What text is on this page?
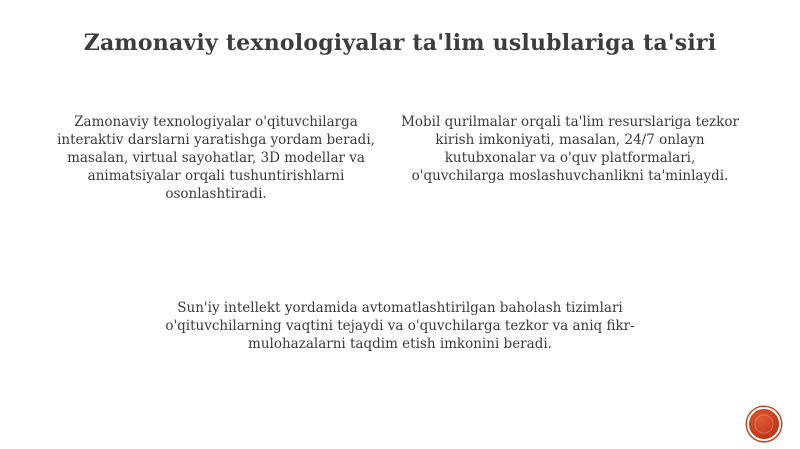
Zamonaviy texnologiyalar ta'lim uslublariga ta'siri
Zamonaviy texnologiyalar o'qituvchilarga interaktiv darslarni yaratishga yordam beradi, masalan, virtual sayohatlar, 3D modellar va animatsiyalar orqali tushuntirishlarni osonlashtiradi.
Mobil qurilmalar orqali ta'lim resurslariga tezkor kirish imkoniyati, masalan, 24/7 onlayn kutubxonalar va o'quv platformalari, o'quvchilarga moslashuvchanlikni ta'minlaydi.
Sun'iy intellekt yordamida avtomatlashtirilgan baholash tizimlari o'qituvchilarning vaqtini tejaydi va o'quvchilarga tezkor va aniq fikr-mulohazalarni taqdim etish imkonini beradi.
